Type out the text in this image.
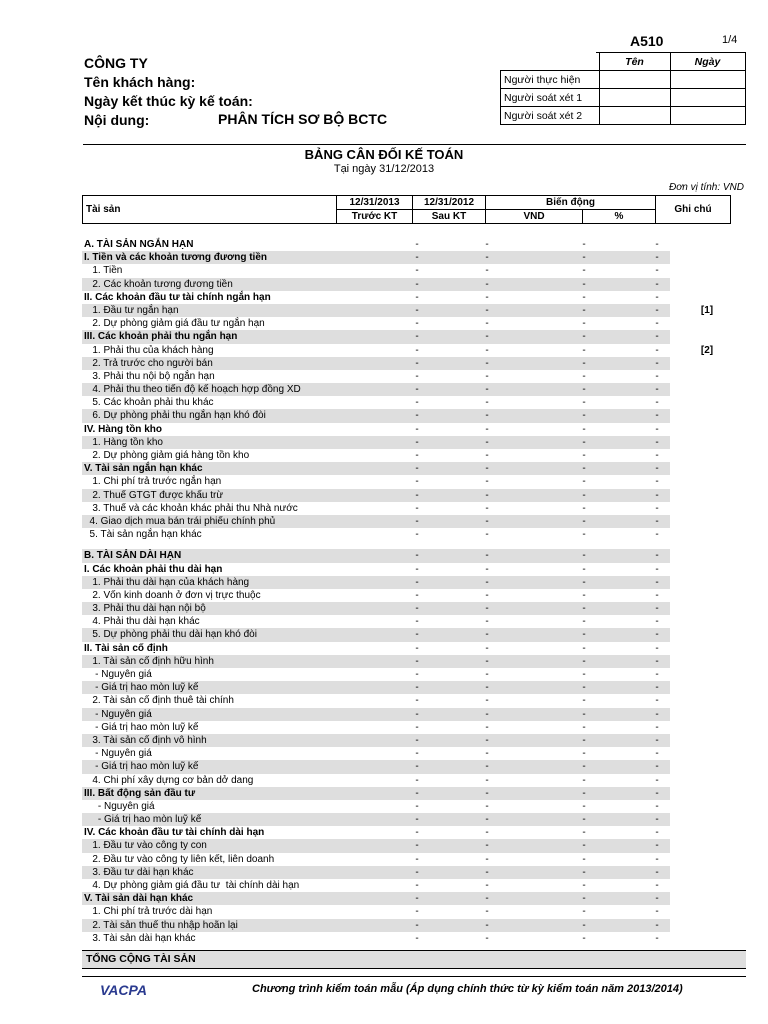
A510	1/4
CÔNG TY
Tên khách hàng:
Ngày kết thúc kỳ kế toán:
Nội dung:	PHÂN TÍCH SƠ BỘ BCTC
	Tên	Ngày
Người thực hiện		
Người soát xét 1		
Người soát xét 2		
BẢNG CÂN ĐỐI KẾ TOÁN
Tại ngày 31/12/2013
Đơn vị tính: VND
Tài sản	12/31/2013	12/31/2012	Biến động		Ghi chú
	Trước KT	Sau KT	VND	%	
A. TÀI SẢN NGẮN HẠN	-	-	-	-
I. Tiền và các khoản tương đương tiền	-	-	-	-
1. Tiền	-	-	-	-
2. Các khoản tương đương tiền	-	-	-	-
II. Các khoản đầu tư tài chính ngắn hạn	-	-	-	-
1. Đầu tư ngắn hạn	-	-	-	-	[1]
2. Dự phòng giảm giá đầu tư ngắn hạn	-	-	-	-
III. Các khoản phải thu ngắn hạn	-	-	-	-
1. Phải thu của khách hàng	-	-	-	-	[2]
2. Trả trước cho người bán	-	-	-	-
3. Phải thu nội bộ ngắn hạn	-	-	-	-
4. Phải thu theo tiến độ kế hoạch hợp đồng XD	-	-	-	-
5. Các khoản phải thu khác	-	-	-	-
6. Dự phòng phải thu ngắn hạn khó đòi	-	-	-	-
IV. Hàng tồn kho	-	-	-	-
1. Hàng tồn kho	-	-	-	-
2. Dự phòng giảm giá hàng tồn kho	-	-	-	-
V. Tài sản ngắn hạn khác	-	-	-	-
1. Chi phí trả trước ngắn hạn	-	-	-	-
2. Thuế GTGT được khấu trừ	-	-	-	-
3. Thuế và các khoản khác phải thu Nhà nước	-	-	-	-
4. Giao dịch mua bán trái phiếu chính phủ	-	-	-	-
5. Tài sản ngắn hạn khác	-	-	-	-
B. TÀI SẢN DÀI HẠN	-	-	-	-
I. Các khoản phải thu dài hạn	-	-	-	-
1. Phải thu dài hạn của khách hàng	-	-	-	-
2. Vốn kinh doanh ở đơn vị trực thuộc	-	-	-	-
3. Phải thu dài hạn nội bộ	-	-	-	-
4. Phải thu dài hạn khác	-	-	-	-
5. Dự phòng phải thu dài hạn khó đòi	-	-	-	-
II. Tài sản cố định	-	-	-	-
1. Tài sản cố định hữu hình	-	-	-	-
- Nguyên giá	-	-	-	-
- Giá trị hao mòn luỹ kế	-	-	-	-
2. Tài sản cố định thuê tài chính	-	-	-	-
- Nguyên giá	-	-	-	-
- Giá trị hao mòn luỹ kế	-	-	-	-
3. Tài sản cố định vô hình	-	-	-	-
- Nguyên giá	-	-	-	-
- Giá trị hao mòn luỹ kế	-	-	-	-
4. Chi phí xây dựng cơ bản dở dang	-	-	-	-
III. Bất động sản đầu tư	-	-	-	-
- Nguyên giá	-	-	-	-
- Giá trị hao mòn luỹ kế	-	-	-	-
IV. Các khoản đầu tư tài chính dài hạn	-	-	-	-
1. Đầu tư vào công ty con	-	-	-	-
2. Đầu tư vào công ty liên kết, liên doanh	-	-	-	-
3. Đầu tư dài hạn khác	-	-	-	-
4. Dự phòng giảm giá đầu tư  tài chính dài hạn	-	-	-	-
V. Tài sản dài hạn khác	-	-	-	-
1. Chi phí trả trước dài hạn	-	-	-	-
2. Tài sản thuế thu nhập hoãn lại	-	-	-	-
3. Tài sản dài hạn khác	-	-	-	-
TỔNG CỘNG TÀI SẢN
VACPA	Chương trình kiểm toán mẫu (Áp dụng chính thức từ kỳ kiểm toán năm 2013/2014)
